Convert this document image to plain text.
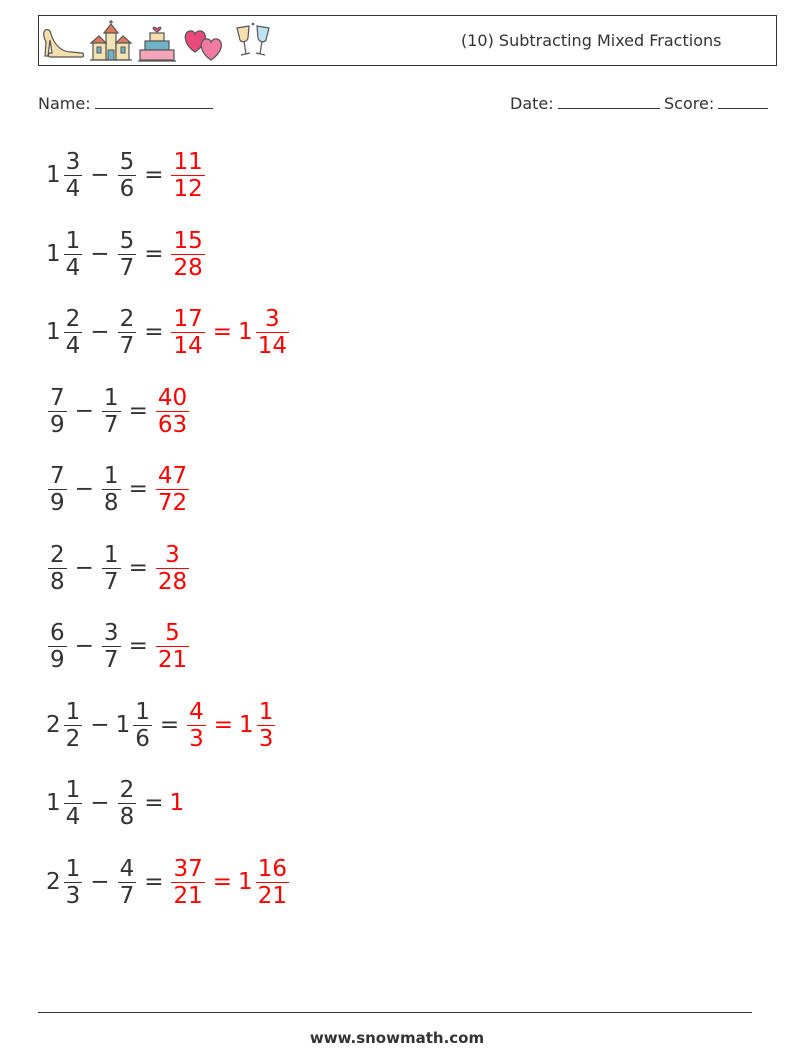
(10) Subtracting Mixed Fractions
Name:	Date:	Score:
$1 \frac{3}{4} - \frac{5}{6} = \frac{11}{12}$
$1 \frac{1}{4} - \frac{5}{7} = \frac{15}{28}$
$1 \frac{2}{4} - \frac{2}{7} = \frac{17}{14} = 1 \frac{3}{14}$
$\frac{7}{9} - \frac{1}{7} = \frac{40}{63}$
$\frac{7}{9} - \frac{1}{8} = \frac{47}{72}$
$\frac{2}{8} - \frac{1}{7} = \frac{3}{28}$
$\frac{6}{9} - \frac{3}{7} = \frac{5}{21}$
$2 \frac{1}{2} - 1 \frac{1}{6} = \frac{4}{3} = 1 \frac{1}{3}$
$1 \frac{1}{4} - \frac{2}{8} = 1$
$2 \frac{1}{3} - \frac{4}{7} = \frac{37}{21} = 1 \frac{16}{21}$
www.snowmath.com
